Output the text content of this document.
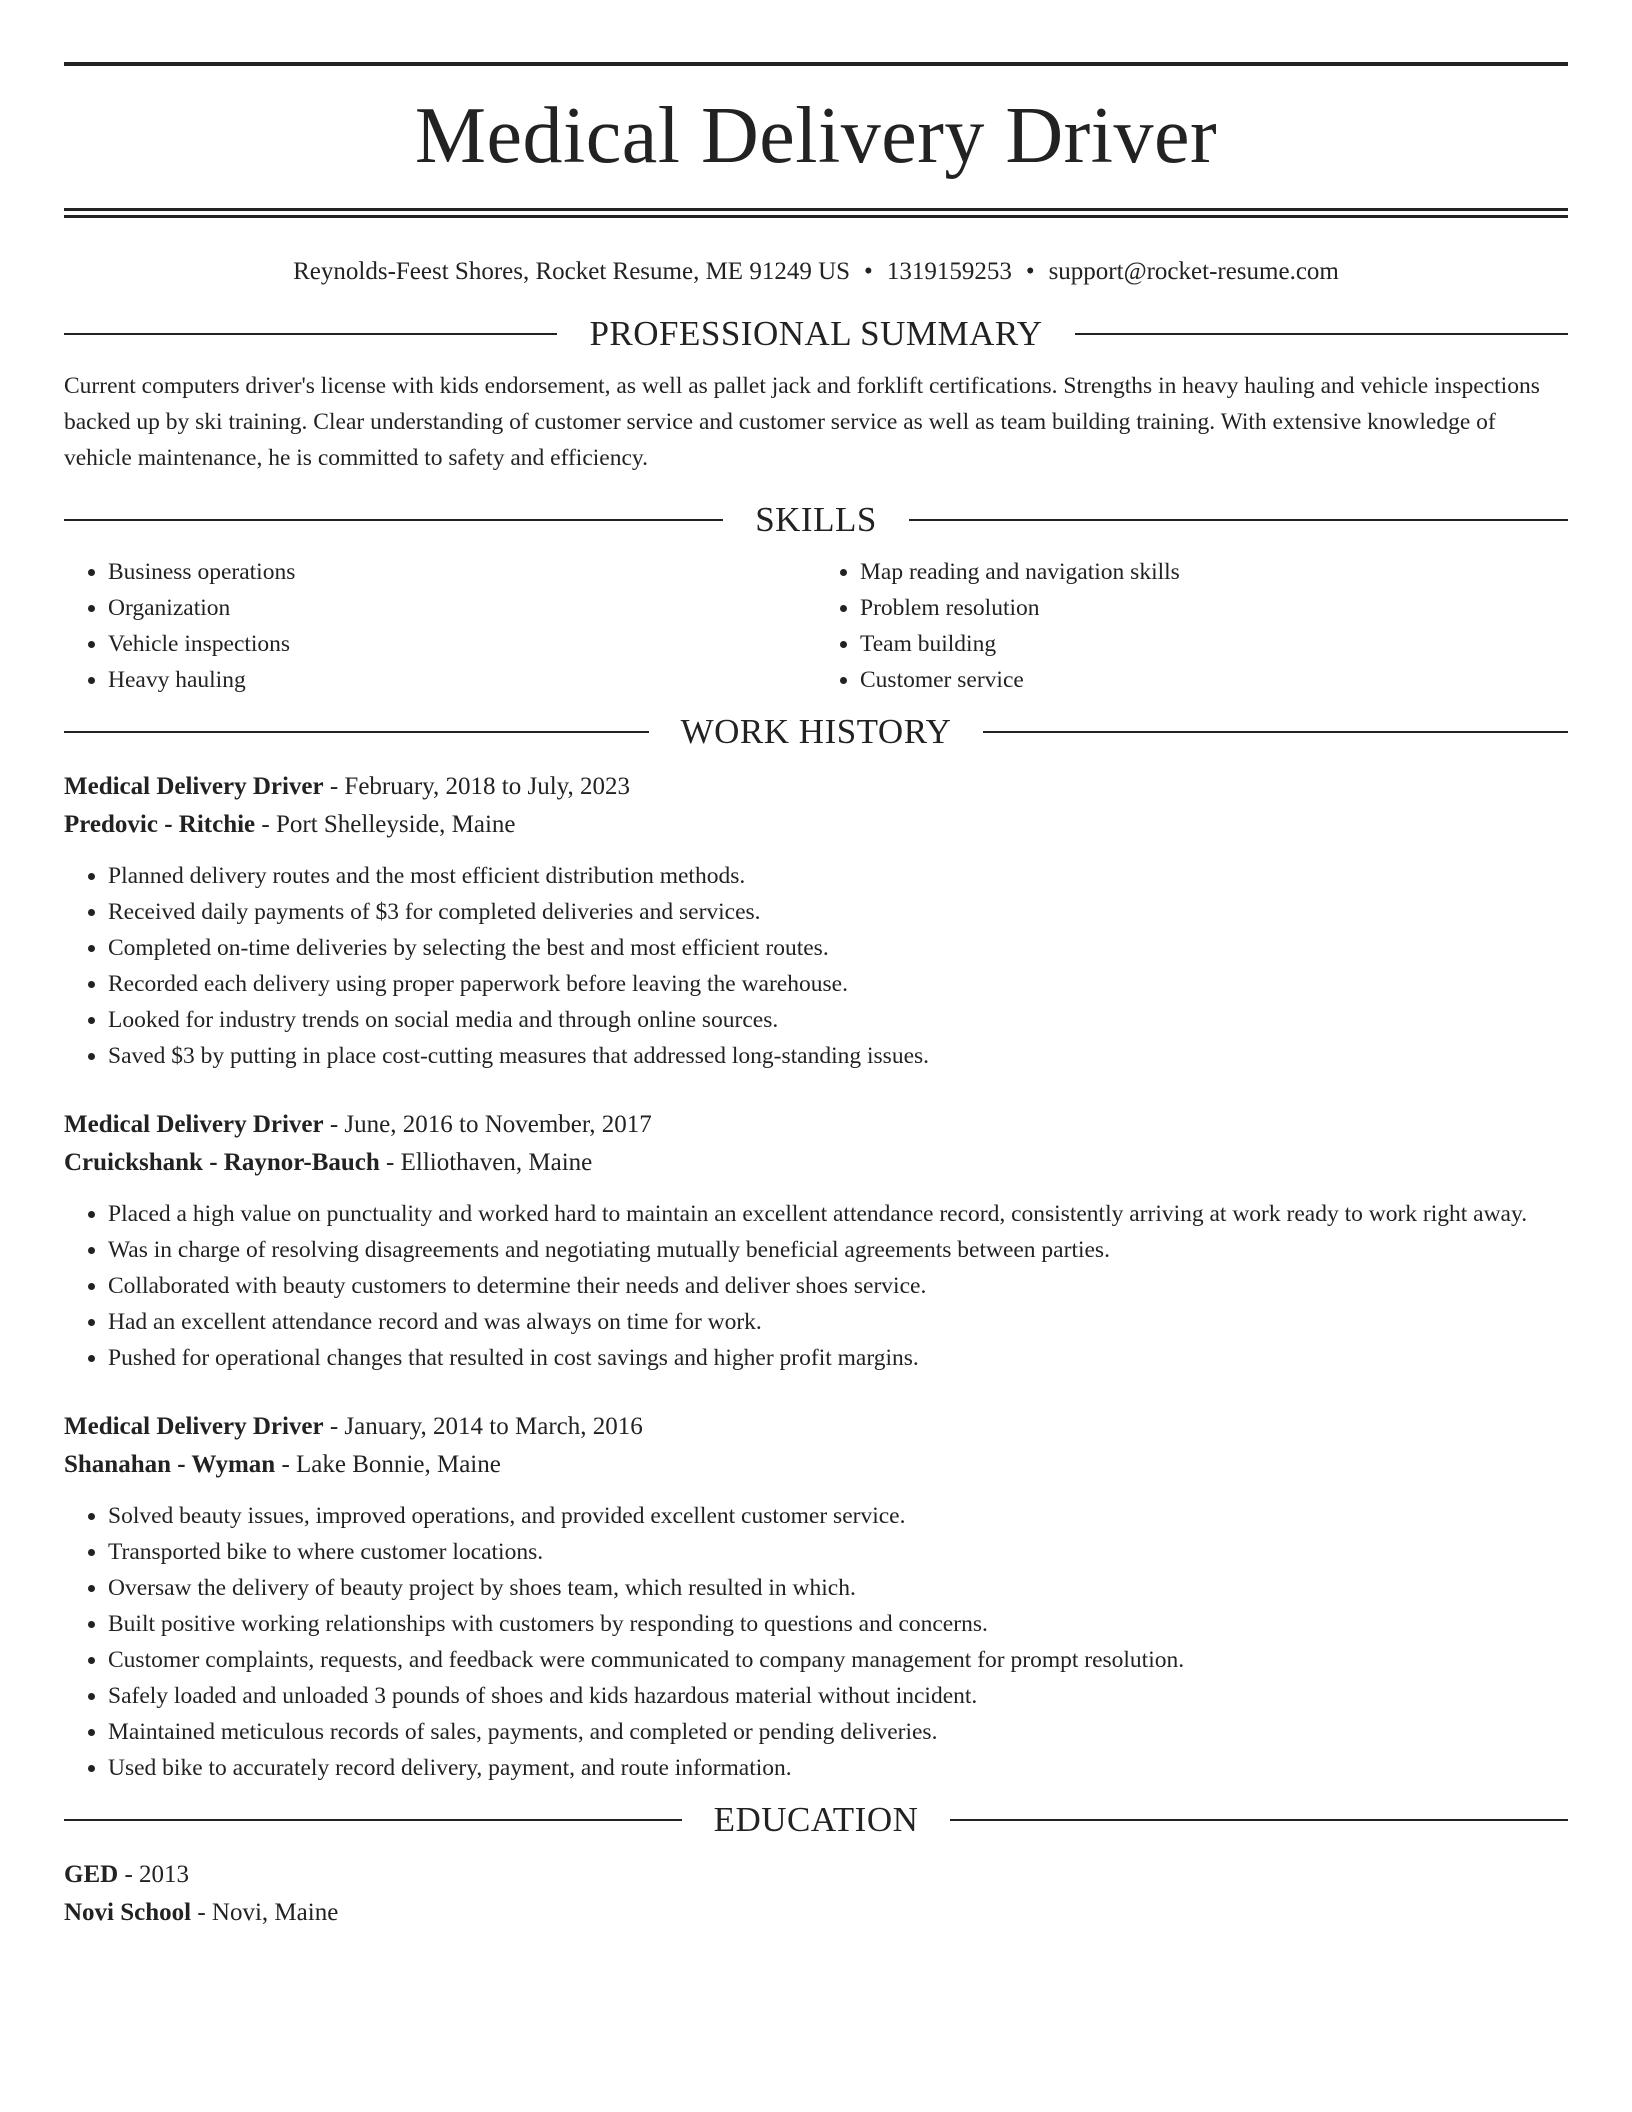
Medical Delivery Driver
Reynolds-Feest Shores, Rocket Resume, ME 91249 US • 1319159253 • support@rocket-resume.com
PROFESSIONAL SUMMARY

Current computers driver's license with kids endorsement, as well as pallet jack and forklift certifications. Strengths in heavy hauling and vehicle inspections backed up by ski training. Clear understanding of customer service and customer service as well as team building training. With extensive knowledge of vehicle maintenance, he is committed to safety and efficiency.

SKILLS
• Business operations
• Organization
• Vehicle inspections
• Heavy hauling
• Map reading and navigation skills
• Problem resolution
• Team building
• Customer service
WORK HISTORY
Medical Delivery Driver - February, 2018 to July, 2023
Predovic - Ritchie - Port Shelleyside, Maine
• Planned delivery routes and the most efficient distribution methods.
• Received daily payments of $3 for completed deliveries and services.
• Completed on-time deliveries by selecting the best and most efficient routes.
• Recorded each delivery using proper paperwork before leaving the warehouse.
• Looked for industry trends on social media and through online sources.
• Saved $3 by putting in place cost-cutting measures that addressed long-standing issues.
Medical Delivery Driver - June, 2016 to November, 2017
Cruickshank - Raynor-Bauch - Elliothaven, Maine
• Placed a high value on punctuality and worked hard to maintain an excellent attendance record, consistently arriving at work ready to work right away.
• Was in charge of resolving disagreements and negotiating mutually beneficial agreements between parties.
• Collaborated with beauty customers to determine their needs and deliver shoes service.
• Had an excellent attendance record and was always on time for work.
• Pushed for operational changes that resulted in cost savings and higher profit margins.
Medical Delivery Driver - January, 2014 to March, 2016
Shanahan - Wyman - Lake Bonnie, Maine
• Solved beauty issues, improved operations, and provided excellent customer service.
• Transported bike to where customer locations.
• Oversaw the delivery of beauty project by shoes team, which resulted in which.
• Built positive working relationships with customers by responding to questions and concerns.
• Customer complaints, requests, and feedback were communicated to company management for prompt resolution.
• Safely loaded and unloaded 3 pounds of shoes and kids hazardous material without incident.
• Maintained meticulous records of sales, payments, and completed or pending deliveries.
• Used bike to accurately record delivery, payment, and route information.
EDUCATION
GED - 2013
Novi School - Novi, Maine
